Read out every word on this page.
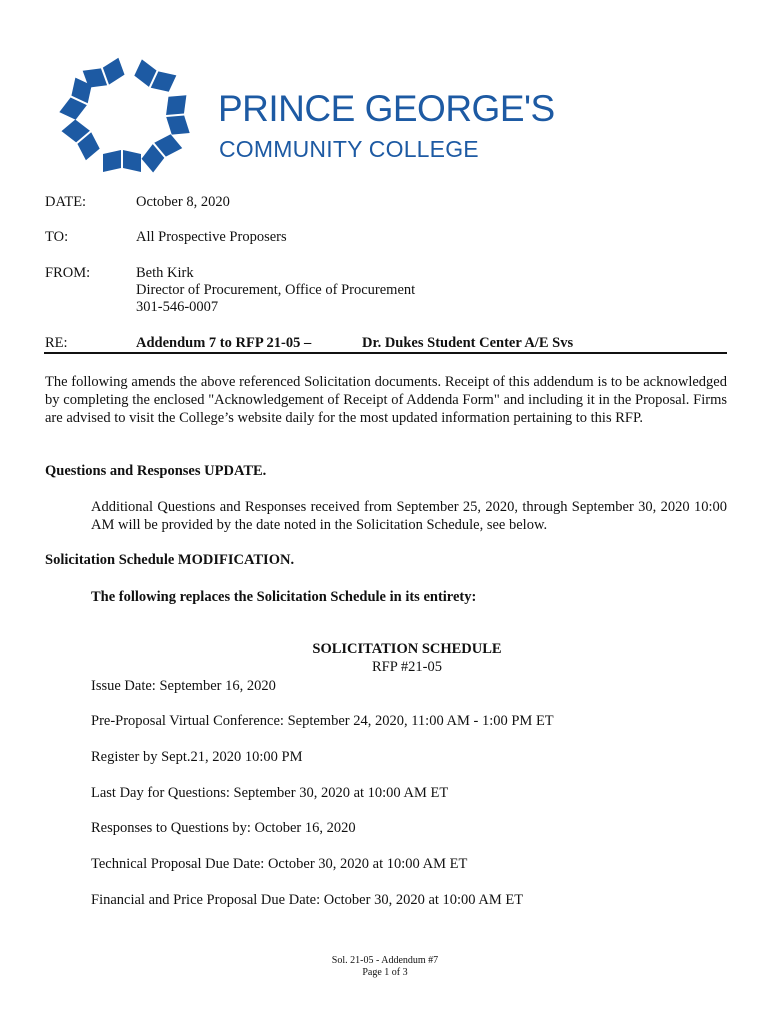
PRINCE GEORGE'S
COMMUNITY COLLEGE
DATE:	October 8, 2020
TO:	All Prospective Proposers
FROM:	Beth Kirk
Director of Procurement, Office of Procurement
301-546-0007
RE:	Addendum 7 to RFP 21-05 –	Dr. Dukes Student Center A/E Svs
The following amends the above referenced Solicitation documents. Receipt of this addendum is to be acknowledged by completing the enclosed "Acknowledgement of Receipt of Addenda Form" and including it in the Proposal. Firms are advised to visit the College’s website daily for the most updated information pertaining to this RFP.
Questions and Responses UPDATE.
Additional Questions and Responses received from September 25, 2020, through September 30, 2020 10:00 AM will be provided by the date noted in the Solicitation Schedule, see below.
Solicitation Schedule MODIFICATION.
The following replaces the Solicitation Schedule in its entirety:
SOLICITATION SCHEDULE
RFP #21-05
Issue Date: September 16, 2020
Pre-Proposal Virtual Conference: September 24, 2020, 11:00 AM - 1:00 PM ET
Register by Sept.21, 2020 10:00 PM
Last Day for Questions: September 30, 2020 at 10:00 AM ET
Responses to Questions by: October 16, 2020
Technical Proposal Due Date: October 30, 2020 at 10:00 AM ET
Financial and Price Proposal Due Date: October 30, 2020 at 10:00 AM ET
Sol. 21-05 - Addendum #7
Page 1 of 3
